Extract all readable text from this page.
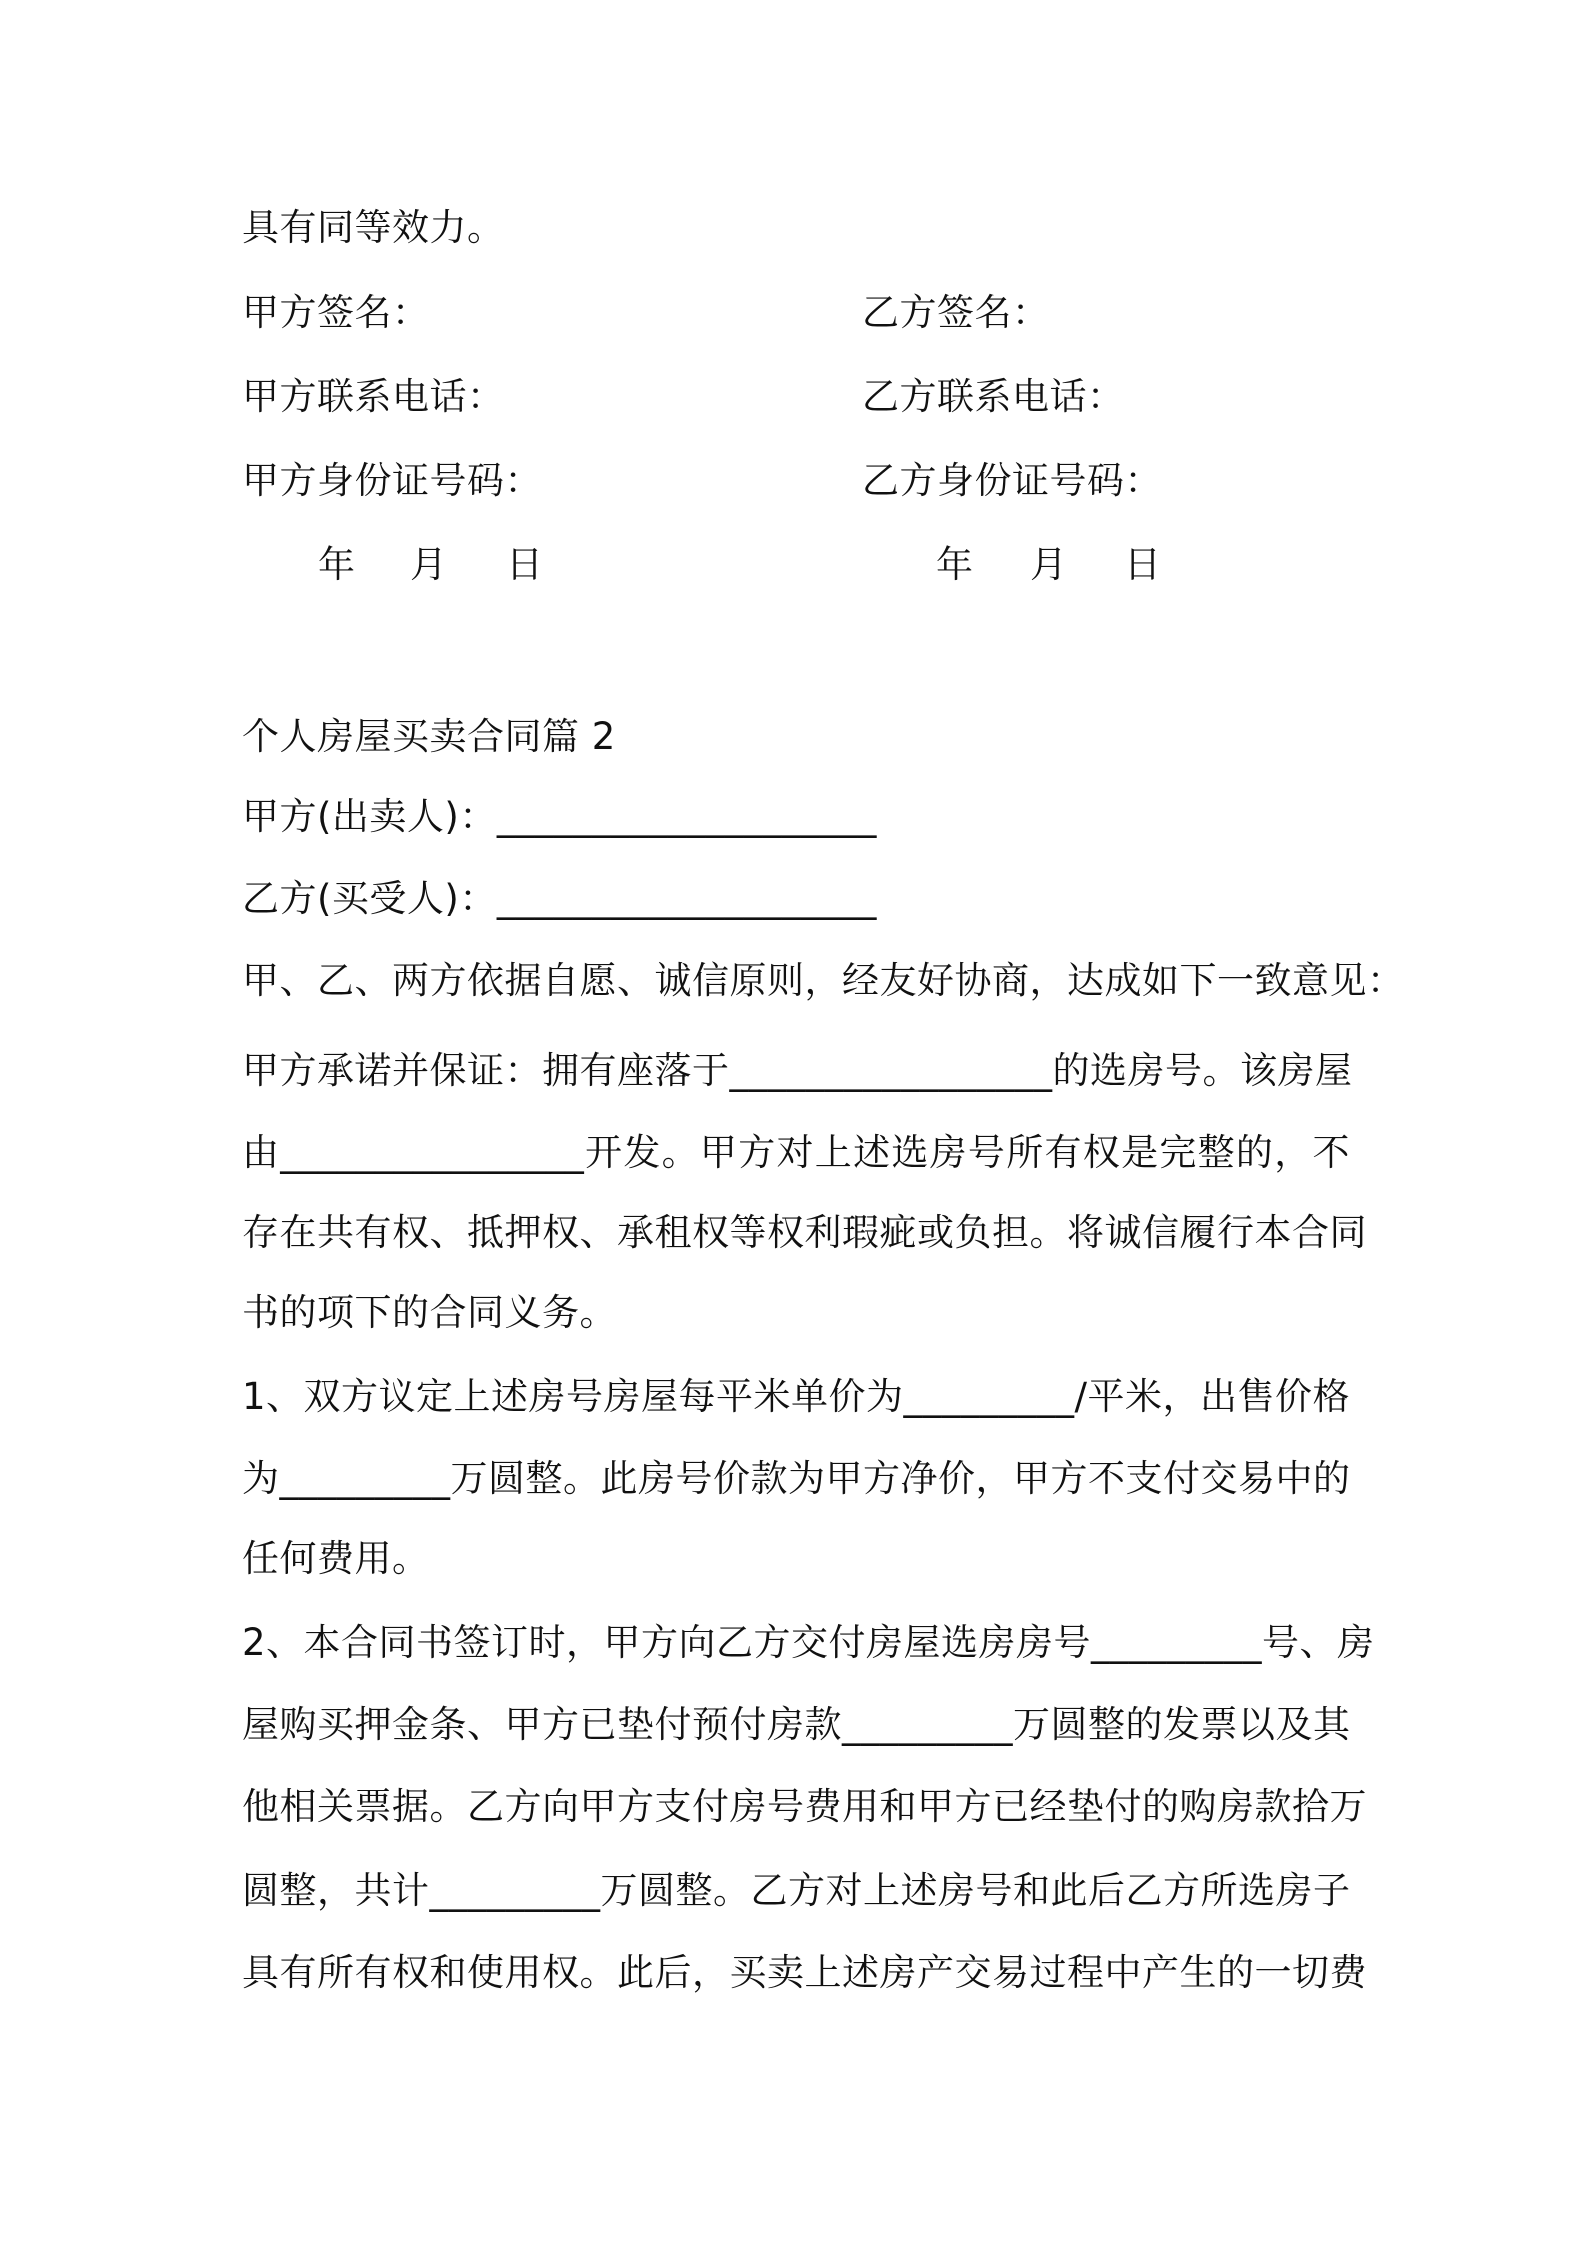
具有同等效力。
甲方签名：	乙方签名：
甲方联系电话：	乙方联系电话：
甲方身份证号码：	乙方身份证号码：
年 月 日	年 月 日
个人房屋买卖合同篇 2
甲方(出卖人)：____________________
乙方(买受人)：____________________
甲、乙、两方依据自愿、诚信原则，经友好协商，达成如下一致意见：
甲方承诺并保证：拥有座落于_________________的选房号。该房屋
由________________开发。甲方对上述选房号所有权是完整的，不
存在共有权、抵押权、承租权等权利瑕疵或负担。将诚信履行本合同
书的项下的合同义务。
1、双方议定上述房号房屋每平米单价为_________/平米，出售价格
为_________万圆整。此房号价款为甲方净价，甲方不支付交易中的
任何费用。
2、本合同书签订时，甲方向乙方交付房屋选房房号_________号、房
屋购买押金条、甲方已垫付预付房款_________万圆整的发票以及其
他相关票据。乙方向甲方支付房号费用和甲方已经垫付的购房款拾万
圆整，共计_________万圆整。乙方对上述房号和此后乙方所选房子
具有所有权和使用权。此后，买卖上述房产交易过程中产生的一切费
